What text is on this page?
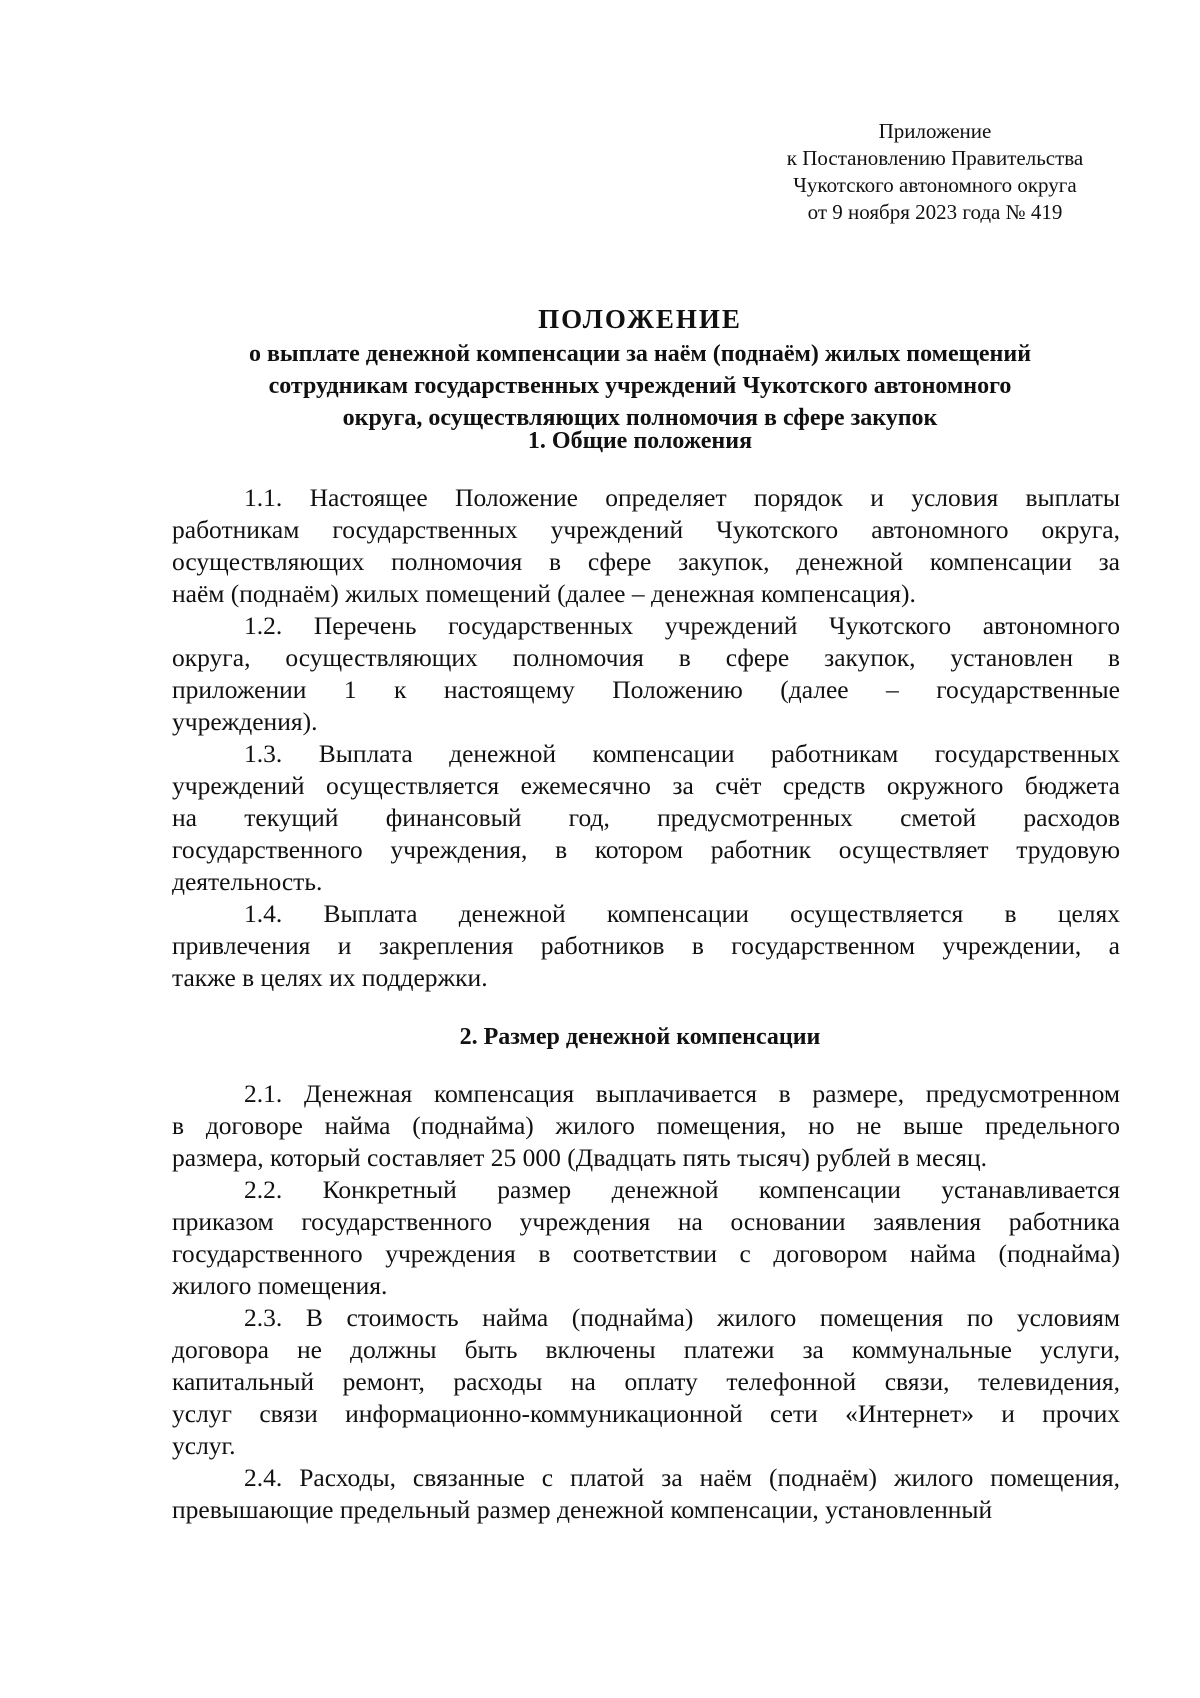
Приложение
к Постановлению Правительства
Чукотского автономного округа
от 9 ноября 2023 года № 419
ПОЛОЖЕНИЕ
о выплате денежной компенсации за наём (поднаём) жилых помещений
сотрудникам государственных учреждений Чукотского автономного
округа, осуществляющих полномочия в сфере закупок
1. Общие положения
1.1. Настоящее Положение определяет порядок и условия выплаты
работникам государственных учреждений Чукотского автономного округа,
осуществляющих полномочия в сфере закупок, денежной компенсации за
наём (поднаём) жилых помещений (далее – денежная компенсация).
1.2. Перечень государственных учреждений Чукотского автономного
округа, осуществляющих полномочия в сфере закупок, установлен в
приложении 1 к настоящему Положению (далее – государственные
учреждения).
1.3. Выплата денежной компенсации работникам государственных
учреждений осуществляется ежемесячно за счёт средств окружного бюджета
на текущий финансовый год, предусмотренных сметой расходов
государственного учреждения, в котором работник осуществляет трудовую
деятельность.
1.4. Выплата денежной компенсации осуществляется в целях
привлечения и закрепления работников в государственном учреждении, а
также в целях их поддержки.
2. Размер денежной компенсации
2.1. Денежная компенсация выплачивается в размере, предусмотренном
в договоре найма (поднайма) жилого помещения, но не выше предельного
размера, который составляет 25 000 (Двадцать пять тысяч) рублей в месяц.
2.2. Конкретный размер денежной компенсации устанавливается
приказом государственного учреждения на основании заявления работника
государственного учреждения в соответствии с договором найма (поднайма)
жилого помещения.
2.3. В стоимость найма (поднайма) жилого помещения по условиям
договора не должны быть включены платежи за коммунальные услуги,
капитальный ремонт, расходы на оплату телефонной связи, телевидения,
услуг связи информационно-коммуникационной сети «Интернет» и прочих
услуг.
2.4. Расходы, связанные с платой за наём (поднаём) жилого помещения,
превышающие предельный размер денежной компенсации, установленный
